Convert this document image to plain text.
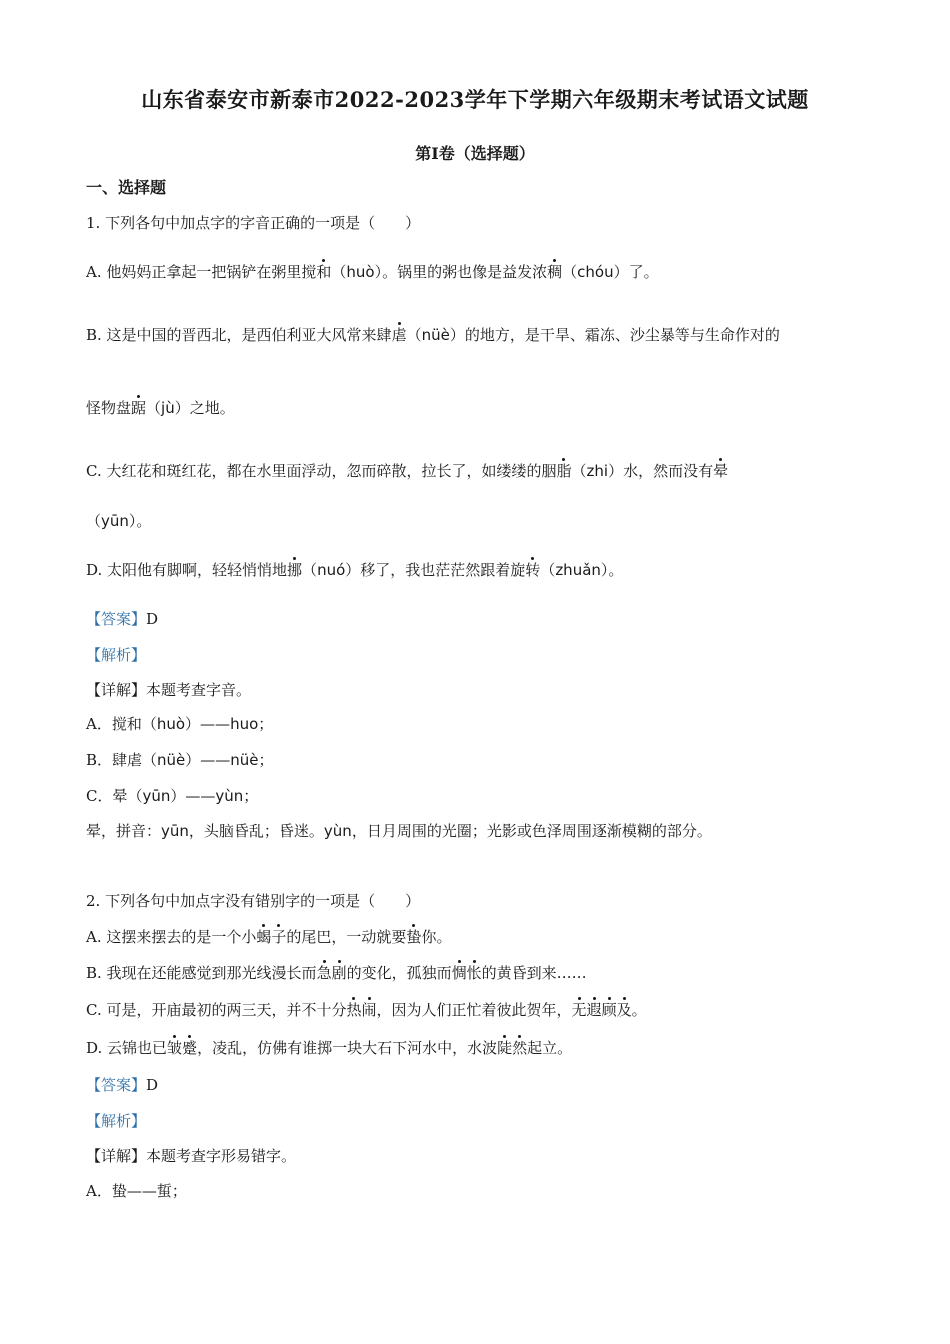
山东省泰安市新泰市2022-2023学年下学期六年级期末考试语文试题
第Ⅰ卷（选择题）
一、选择题
1. 下列各句中加点字的字音正确的一项是（　　）
A. 他妈妈正拿起一把锅铲在粥里搅和（huò）。锅里的粥也像是益发浓稠（chóu）了。
B. 这是中国的晋西北，是西伯利亚大风常来肆虐（nüè）的地方，是干旱、霜冻、沙尘暴等与生命作对的
怪物盘踞（jù）之地。
C. 大红花和斑红花，都在水里面浮动，忽而碎散，拉长了，如缕缕的胭脂（zhi）水，然而没有晕
（yūn）。
D. 太阳他有脚啊，轻轻悄悄地挪（nuó）移了，我也茫茫然跟着旋转（zhuǎn）。
【答案】D
【解析】
【详解】本题考查字音。
A．搅和（huò）——huo；
B．肆虐（nüè）——nüè；
C．晕（yūn）——yùn；
晕，拼音：yūn，头脑昏乱；昏迷。yùn，日月周围的光圈；光影或色泽周围逐渐模糊的部分。
2. 下列各句中加点字没有错别字的一项是（　　）
A. 这摆来摆去的是一个小蝎子的尾巴，一动就要蛰你。
B. 我现在还能感觉到那光线漫长而急剧的变化，孤独而惆怅的黄昏到来……
C. 可是，开庙最初的两三天，并不十分热闹，因为人们正忙着彼此贺年，无遐顾及。
D. 云锦也已皱蹙，凌乱，仿佛有谁掷一块大石下河水中，水波陡然起立。
【答案】D
【解析】
【详解】本题考查字形易错字。
A．蛰——蜇；
